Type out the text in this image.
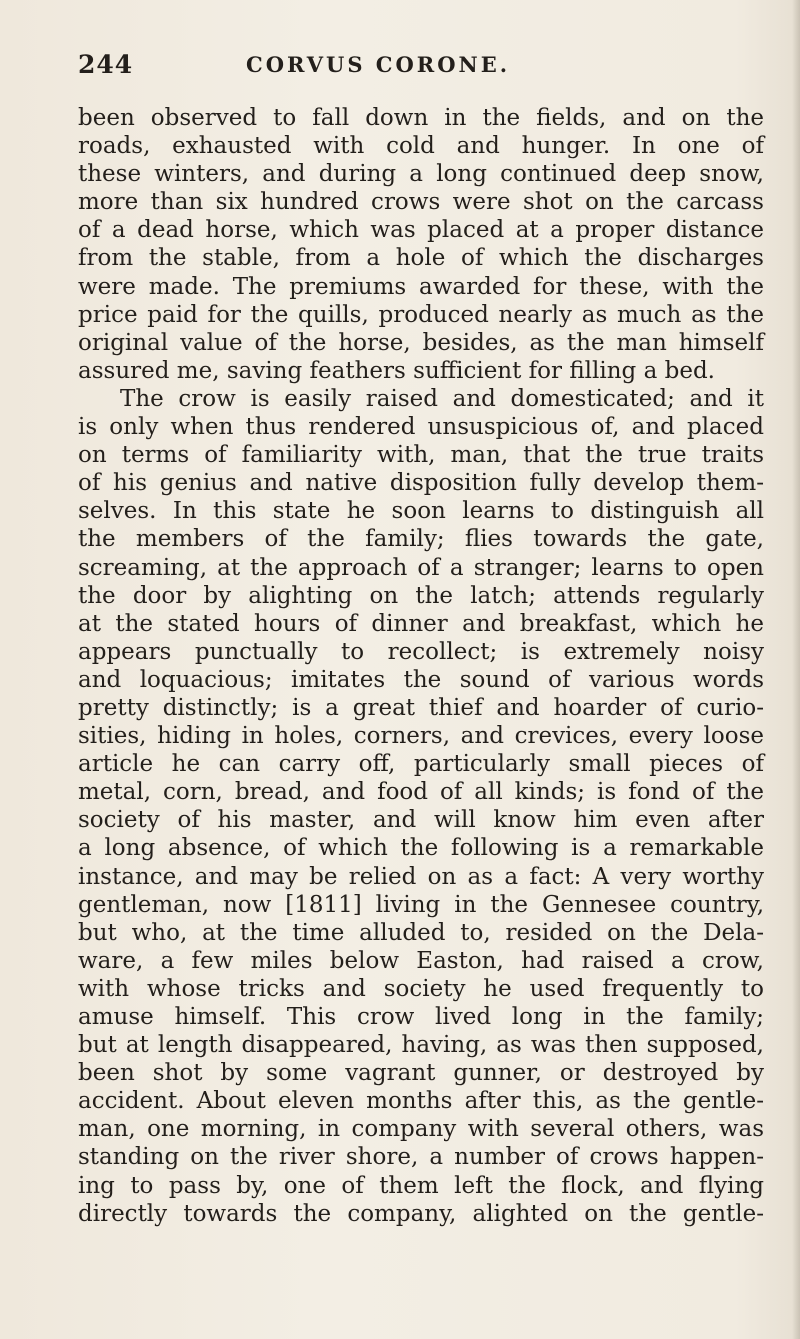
244	CORVUS CORONE.
been observed to fall down in the fields, and on the
roads, exhausted with cold and hunger. In one of
these winters, and during a long continued deep snow,
more than six hundred crows were shot on the carcass
of a dead horse, which was placed at a proper distance
from the stable, from a hole of which the discharges
were made. The premiums awarded for these, with the
price paid for the quills, produced nearly as much as the
original value of the horse, besides, as the man himself
assured me, saving feathers sufficient for filling a bed.
The crow is easily raised and domesticated; and it
is only when thus rendered unsuspicious of, and placed
on terms of familiarity with, man, that the true traits
of his genius and native disposition fully develop them-
selves. In this state he soon learns to distinguish all
the members of the family; flies towards the gate,
screaming, at the approach of a stranger; learns to open
the door by alighting on the latch; attends regularly
at the stated hours of dinner and breakfast, which he
appears punctually to recollect; is extremely noisy
and loquacious; imitates the sound of various words
pretty distinctly; is a great thief and hoarder of curio-
sities, hiding in holes, corners, and crevices, every loose
article he can carry off, particularly small pieces of
metal, corn, bread, and food of all kinds; is fond of the
society of his master, and will know him even after
a long absence, of which the following is a remarkable
instance, and may be relied on as a fact: A very worthy
gentleman, now [1811] living in the Gennesee country,
but who, at the time alluded to, resided on the Dela-
ware, a few miles below Easton, had raised a crow,
with whose tricks and society he used frequently to
amuse himself. This crow lived long in the family;
but at length disappeared, having, as was then supposed,
been shot by some vagrant gunner, or destroyed by
accident. About eleven months after this, as the gentle-
man, one morning, in company with several others, was
standing on the river shore, a number of crows happen-
ing to pass by, one of them left the flock, and flying
directly towards the company, alighted on the gentle-
